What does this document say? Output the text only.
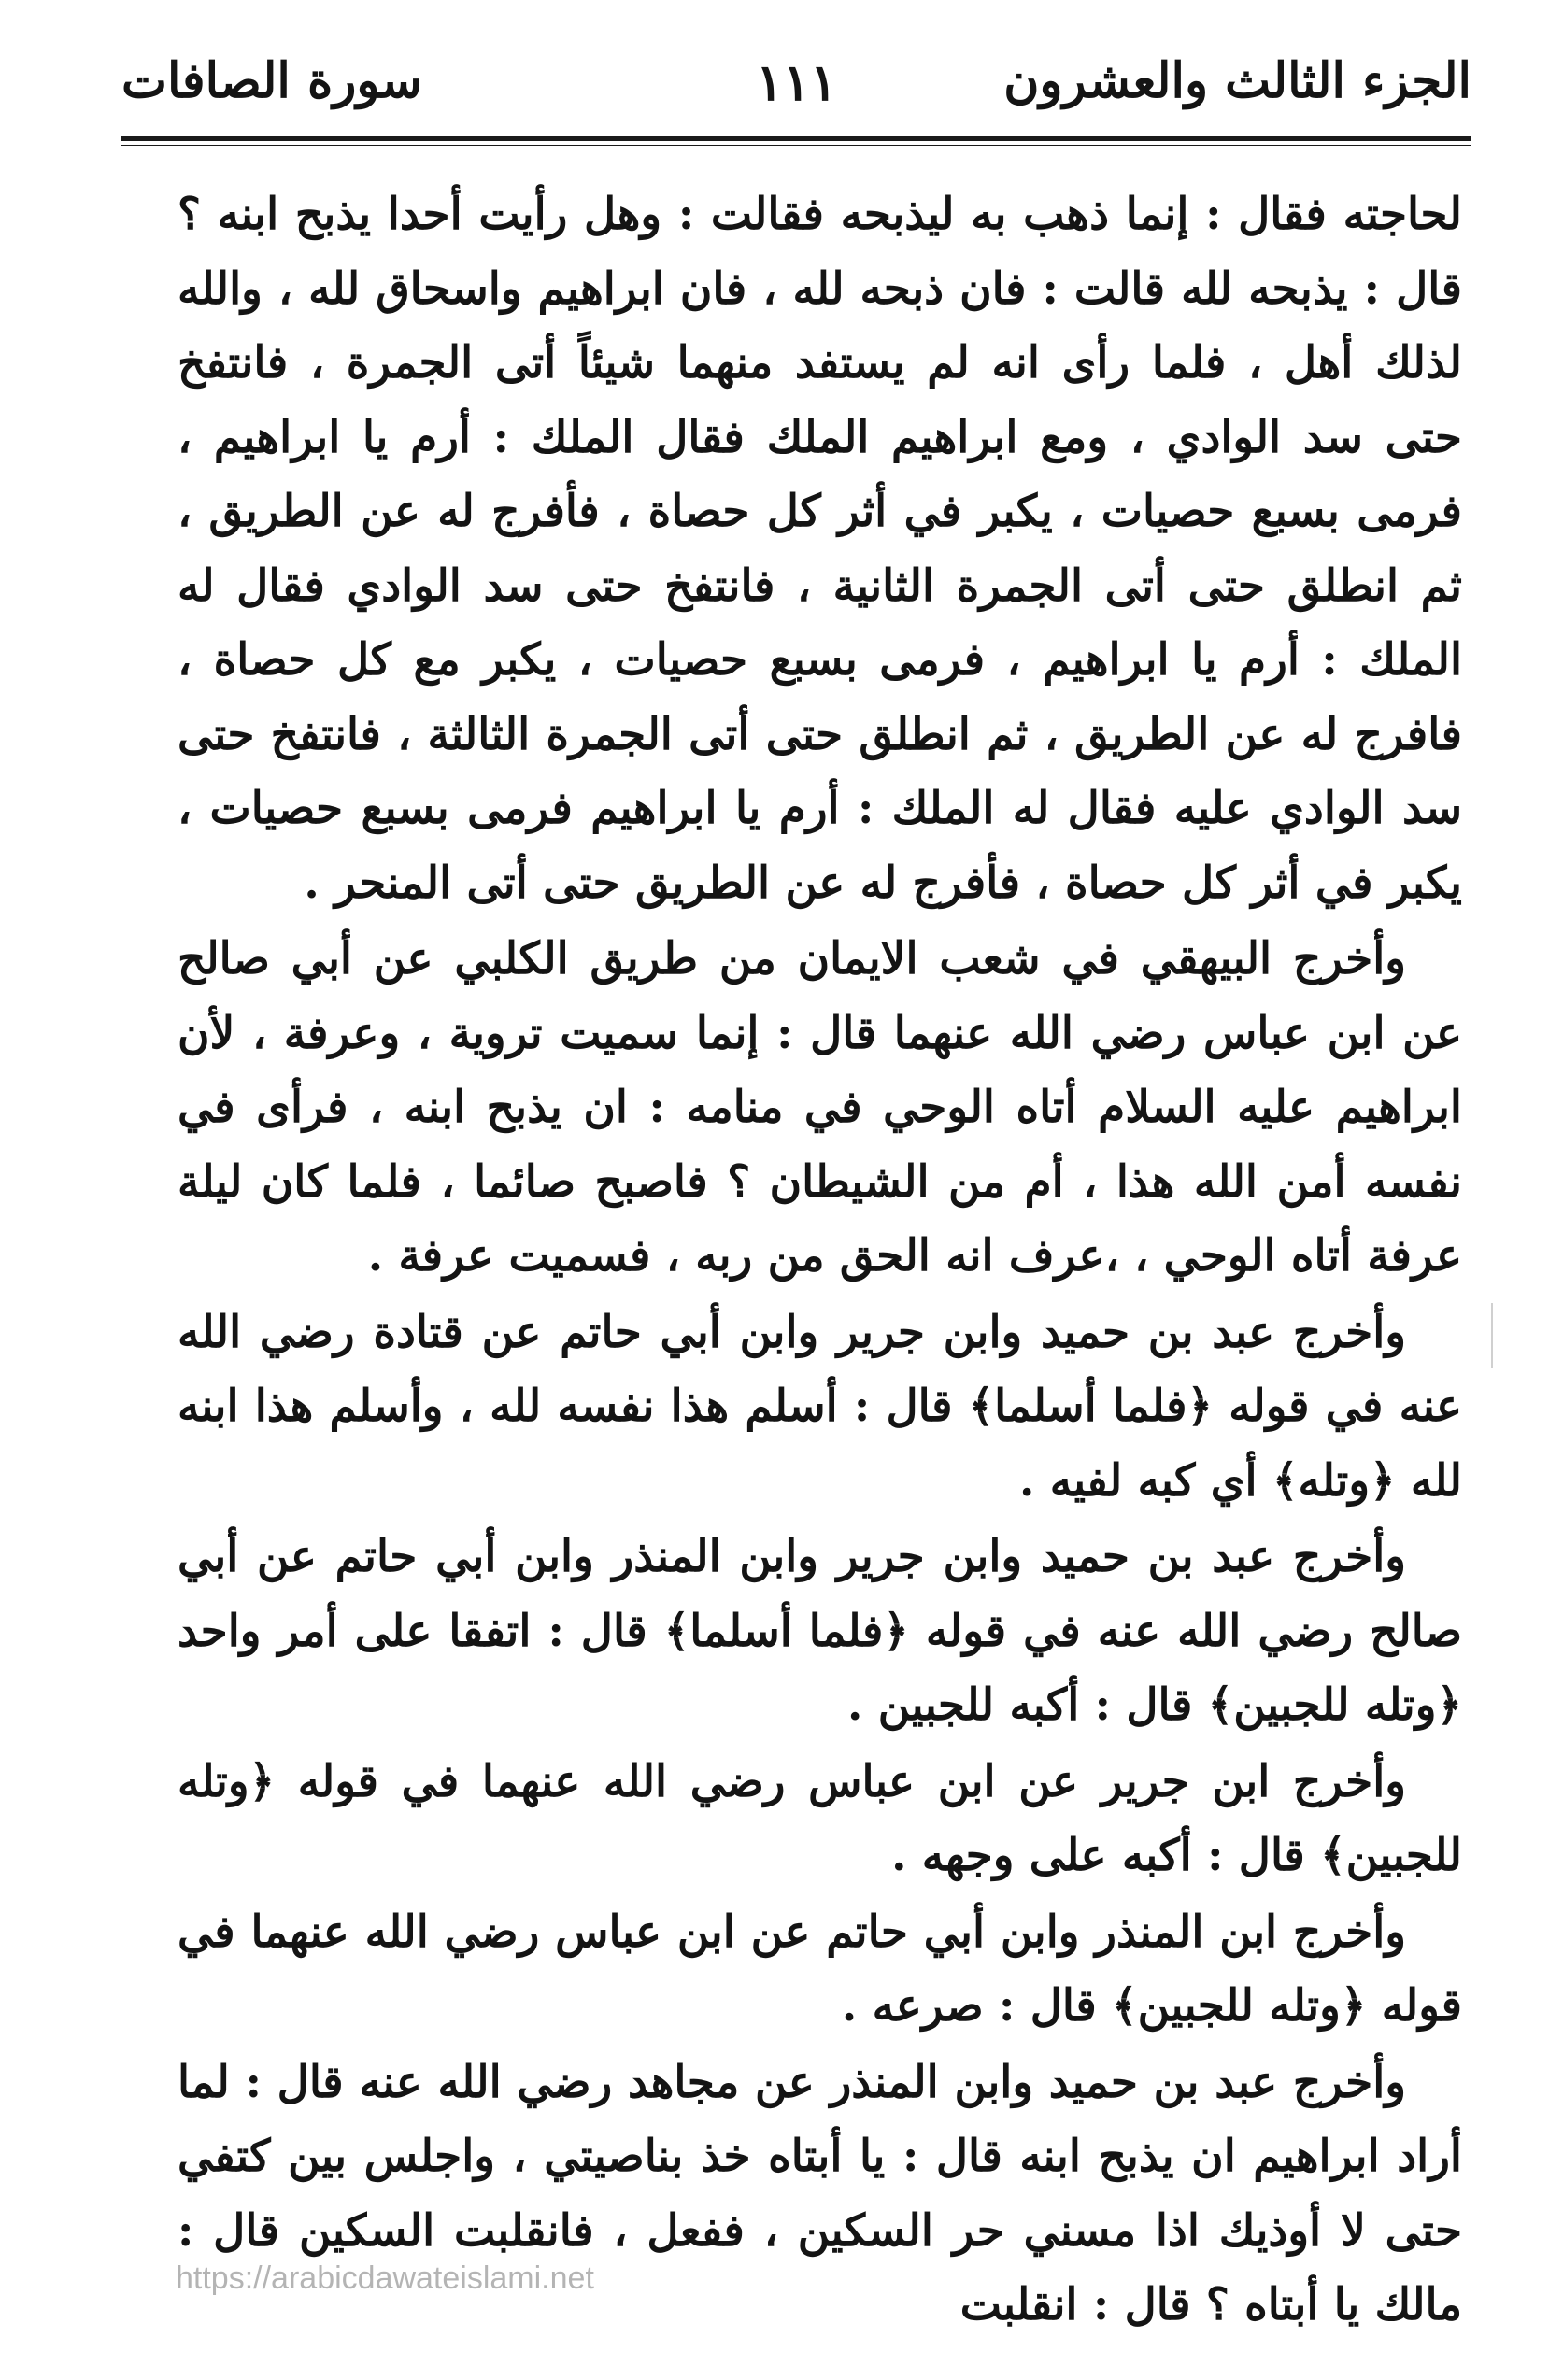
الجزء الثالث والعشرون
١١١
سورة الصافات

لحاجته فقال : إنما ذهب به ليذبحه فقالت : وهل رأيت أحدا يذبح ابنه ؟ قال : يذبحه لله قالت : فان ذبحه لله ، فان ابراهيم واسحاق لله ، والله لذلك أهل ، فلما رأى انه لم يستفد منهما شيئاً أتى الجمرة ، فانتفخ حتى سد الوادي ، ومع ابراهيم الملك فقال الملك : أرم يا ابراهيم ، فرمى بسبع حصيات ، يكبر في أثر كل حصاة ، فأفرج له عن الطريق ، ثم انطلق حتى أتى الجمرة الثانية ، فانتفخ حتى سد الوادي فقال له الملك : أرم يا ابراهيم ، فرمى بسبع حصيات ، يكبر مع كل حصاة ، فافرج له عن الطريق ، ثم انطلق حتى أتى الجمرة الثالثة ، فانتفخ حتى سد الوادي عليه فقال له الملك : أرم يا ابراهيم فرمى بسبع حصيات ، يكبر في أثر كل حصاة ، فأفرج له عن الطريق حتى أتى المنحر .

وأخرج البيهقي في شعب الايمان من طريق الكلبي عن أبي صالح عن ابن عباس رضي الله عنهما قال : إنما سميت تروية ، وعرفة ، لأن ابراهيم عليه السلام أتاه الوحي في منامه : ان يذبح ابنه ، فرأى في نفسه أمن الله هذا ، أم من الشيطان ؟ فاصبح صائما ، فلما كان ليلة عرفة أتاه الوحي ، ،عرف انه الحق من ربه ، فسميت عرفة .

وأخرج عبد بن حميد وابن جرير وابن أبي حاتم عن قتادة رضي الله عنه في قوله ﴿فلما أسلما﴾ قال : أسلم هذا نفسه لله ، وأسلم هذا ابنه لله ﴿وتله﴾ أي كبه لفيه .

وأخرج عبد بن حميد وابن جرير وابن المنذر وابن أبي حاتم عن أبي صالح رضي الله عنه في قوله ﴿فلما أسلما﴾ قال : اتفقا على أمر واحد ﴿وتله للجبين﴾ قال : أكبه للجبين .

وأخرج ابن جرير عن ابن عباس رضي الله عنهما في قوله ﴿وتله للجبين﴾ قال : أكبه على وجهه .

وأخرج ابن المنذر وابن أبي حاتم عن ابن عباس رضي الله عنهما في قوله ﴿وتله للجبين﴾ قال : صرعه .

وأخرج عبد بن حميد وابن المنذر عن مجاهد رضي الله عنه قال : لما أراد ابراهيم ان يذبح ابنه قال : يا أبتاه خذ بناصيتي ، واجلس بين كتفي حتى لا أوذيك اذا مسني حر السكين ، ففعل ، فانقلبت السكين قال : مالك يا أبتاه ؟ قال : انقلبت

https://arabicdawateislami.net
